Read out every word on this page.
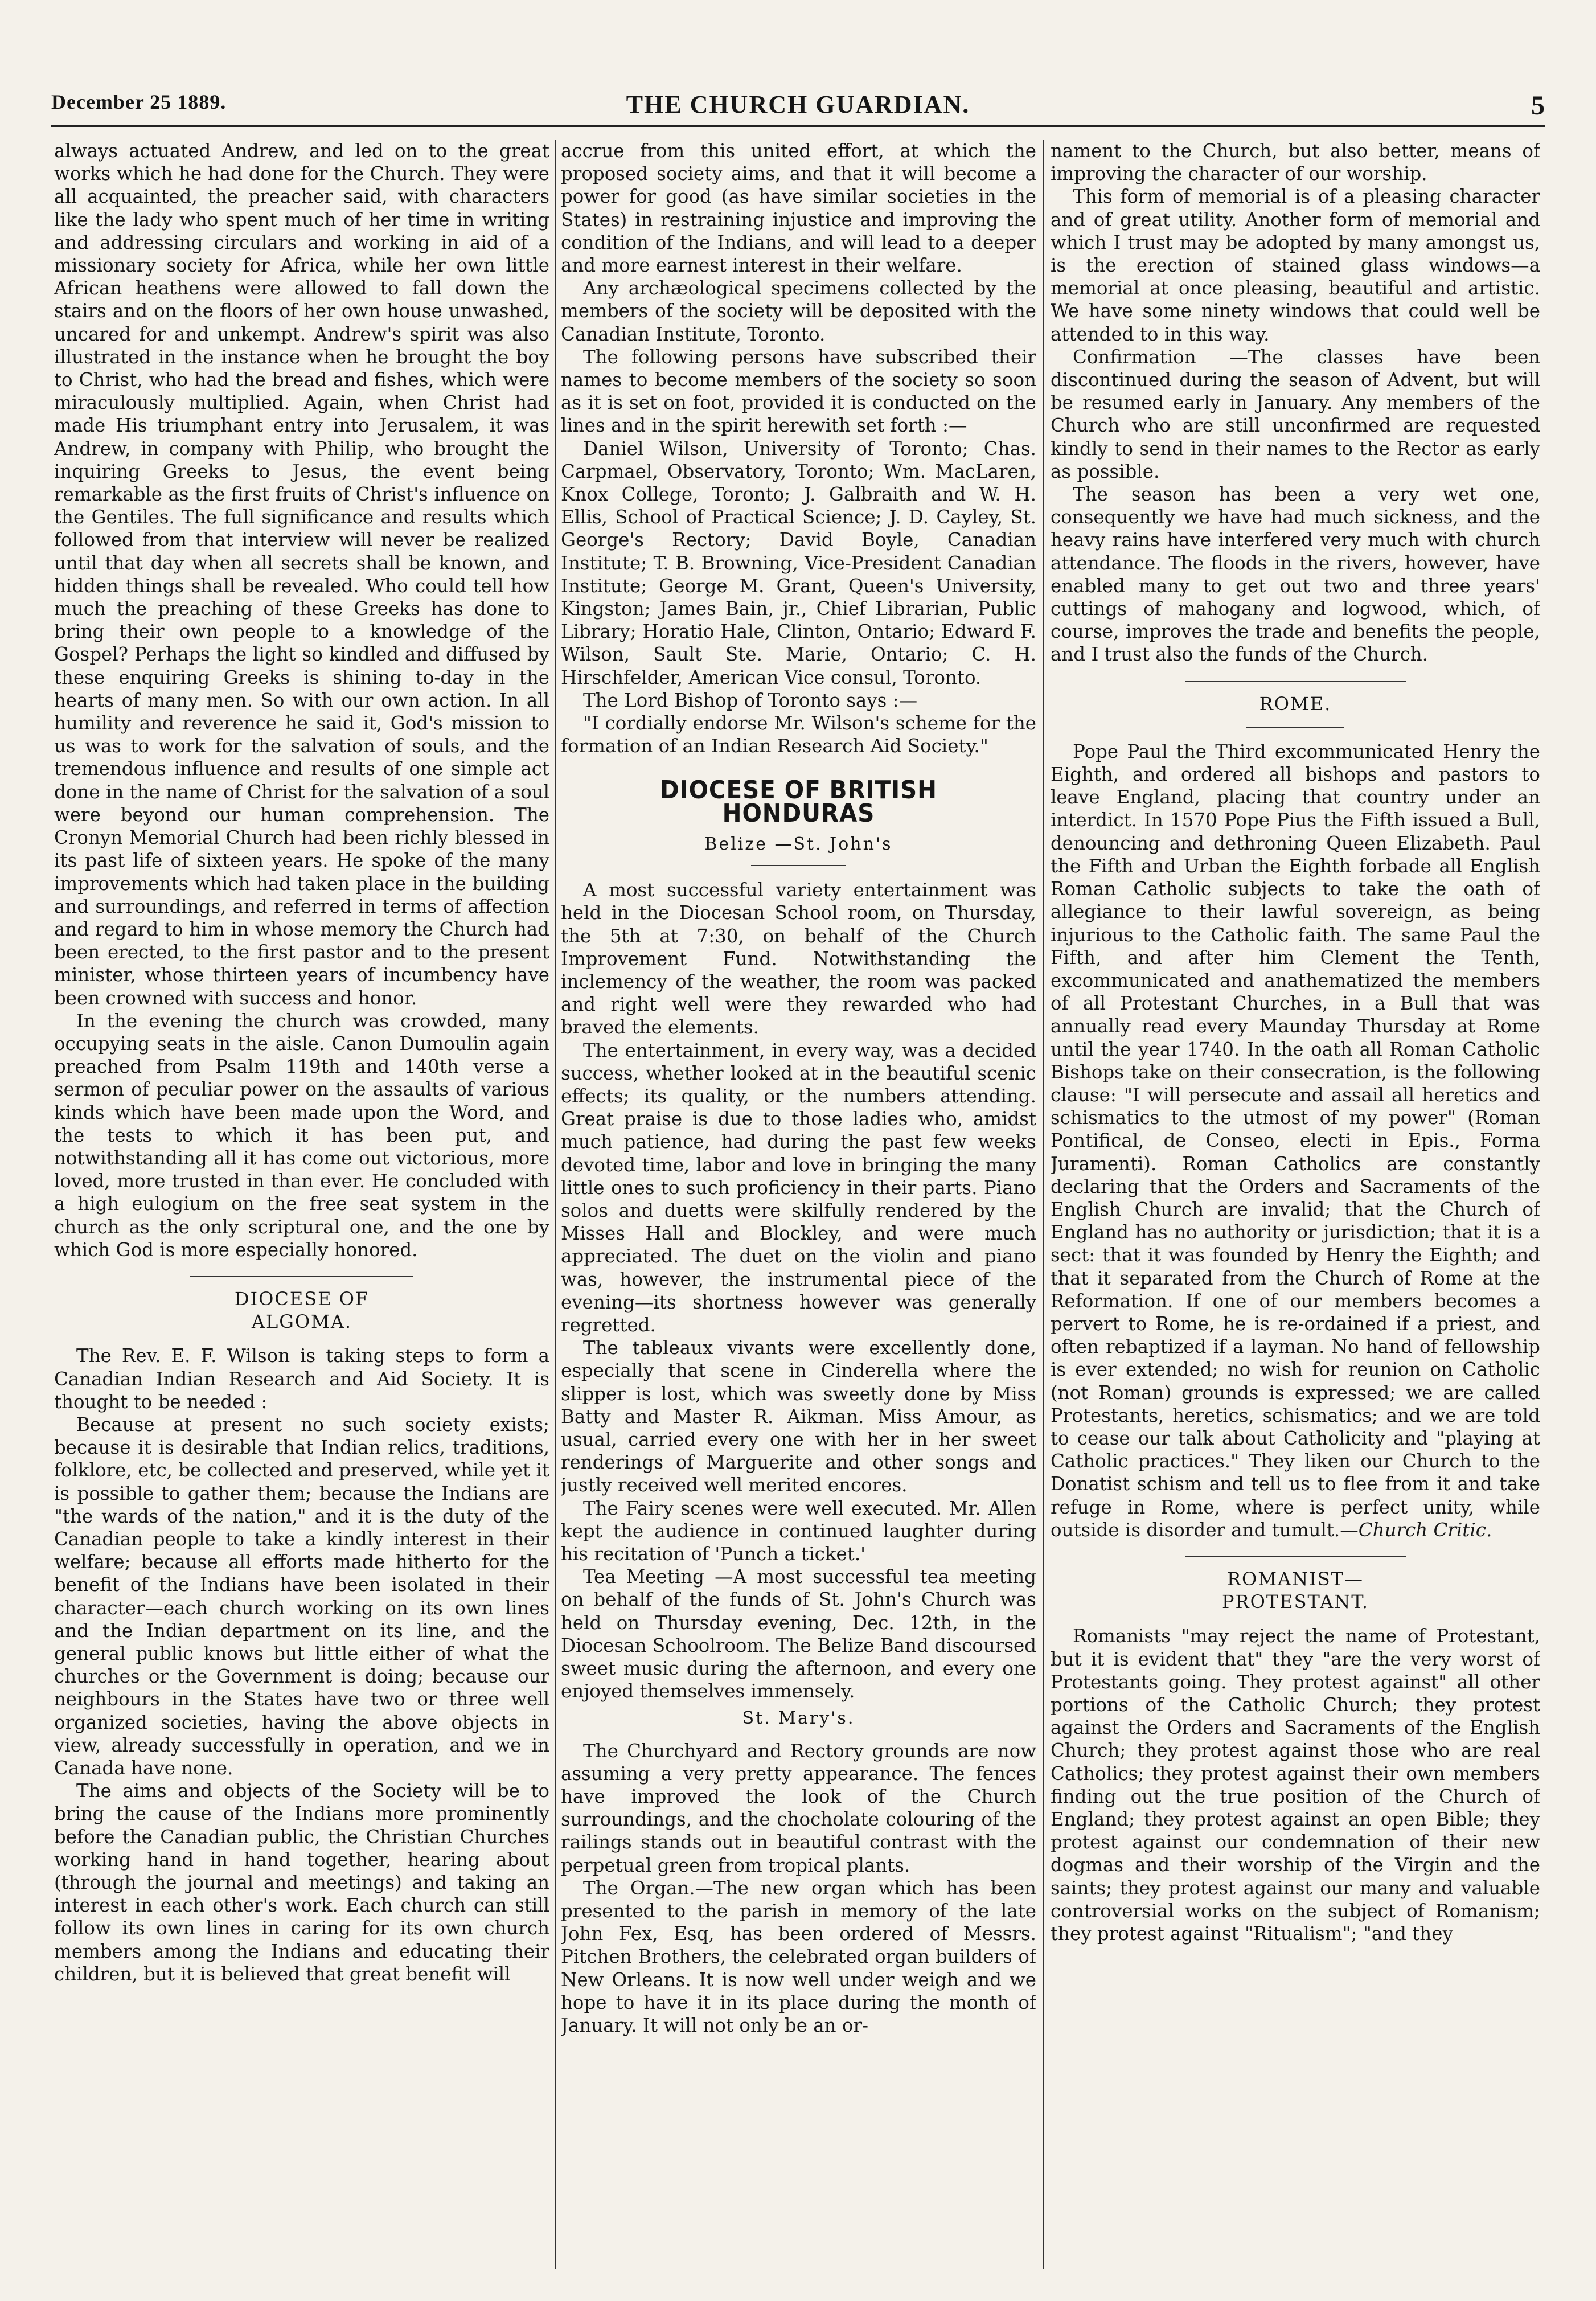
December 25 1889.	THE CHURCH GUARDIAN.	5

always actuated Andrew, and led on to the great works which he had done for the Church. They were all acquainted, the preacher said, with characters like the lady who spent much of her time in writing and addressing circulars and working in aid of a missionary society for Africa, while her own little African heathens were allowed to fall down the stairs and on the floors of her own house unwashed, uncared for and unkempt. Andrew's spirit was also illustrated in the instance when he brought the boy to Christ, who had the bread and fishes, which were miraculously multiplied. Again, when Christ had made His triumphant entry into Jerusalem, it was Andrew, in company with Philip, who brought the inquiring Greeks to Jesus, the event being remarkable as the first fruits of Christ's influence on the Gentiles. The full significance and results which followed from that interview will never be realized until that day when all secrets shall be known, and hidden things shall be revealed. Who could tell how much the preaching of these Greeks has done to bring their own people to a knowledge of the Gospel? Perhaps the light so kindled and diffused by these enquiring Greeks is shining to-day in the hearts of many men. So with our own action. In all humility and reverence he said it, God's mission to us was to work for the salvation of souls, and the tremendous influence and results of one simple act done in the name of Christ for the salvation of a soul were beyond our human comprehension. The Cronyn Memorial Church had been richly blessed in its past life of sixteen years. He spoke of the many improvements which had taken place in the building and surroundings, and referred in terms of affection and regard to him in whose memory the Church had been erected, to the first pastor and to the present minister, whose thirteen years of incumbency have been crowned with success and honor.

In the evening the church was crowded, many occupying seats in the aisle. Canon Dumoulin again preached from Psalm 119th and 140th verse a sermon of peculiar power on the assaults of various kinds which have been made upon the Word, and the tests to which it has been put, and notwithstanding all it has come out victorious, more loved, more trusted in than ever. He concluded with a high eulogium on the free seat system in the church as the only scriptural one, and the one by which God is more especially honored.

DIOCESE OF ALGOMA.

The Rev. E. F. Wilson is taking steps to form a Canadian Indian Research and Aid Society. It is thought to be needed :

Because at present no such society exists; because it is desirable that Indian relics, traditions, folklore, etc, be collected and preserved, while yet it is possible to gather them; because the Indians are "the wards of the nation," and it is the duty of the Canadian people to take a kindly interest in their welfare; because all efforts made hitherto for the benefit of the Indians have been isolated in their character—each church working on its own lines and the Indian department on its line, and the general public knows but little either of what the churches or the Government is doing; because our neighbours in the States have two or three well organized societies, having the above objects in view, already successfully in operation, and we in Canada have none.

The aims and objects of the Society will be to bring the cause of the Indians more prominently before the Canadian public, the Christian Churches working hand in hand together, hearing about (through the journal and meetings) and taking an interest in each other's work. Each church can still follow its own lines in caring for its own church members among the Indians and educating their children, but it is believed that great benefit will

accrue from this united effort, at which the proposed society aims, and that it will become a power for good (as have similar societies in the States) in restraining injustice and improving the condition of the Indians, and will lead to a deeper and more earnest interest in their welfare.

Any archæological specimens collected by the members of the society will be deposited with the Canadian Institute, Toronto.

The following persons have subscribed their names to become members of the society so soon as it is set on foot, provided it is conducted on the lines and in the spirit herewith set forth :—

Daniel Wilson, University of Toronto; Chas. Carpmael, Observatory, Toronto; Wm. MacLaren, Knox College, Toronto; J. Galbraith and W. H. Ellis, School of Practical Science; J. D. Cayley, St. George's Rectory; David Boyle, Canadian Institute; T. B. Browning, Vice-President Canadian Institute; George M. Grant, Queen's University, Kingston; James Bain, jr., Chief Librarian, Public Library; Horatio Hale, Clinton, Ontario; Edward F. Wilson, Sault Ste. Marie, Ontario; C. H. Hirschfelder, American Vice consul, Toronto.

The Lord Bishop of Toronto says :—

"I cordially endorse Mr. Wilson's scheme for the formation of an Indian Research Aid Society."

DIOCESE OF BRITISH HONDURAS
Belize —St. John's

A most successful variety entertainment was held in the Diocesan School room, on Thursday, the 5th at 7:30, on behalf of the Church Improvement Fund. Notwithstanding the inclemency of the weather, the room was packed and right well were they rewarded who had braved the elements.

The entertainment, in every way, was a decided success, whether looked at in the beautiful scenic effects; its quality, or the numbers attending. Great praise is due to those ladies who, amidst much patience, had during the past few weeks devoted time, labor and love in bringing the many little ones to such proficiency in their parts. Piano solos and duetts were skilfully rendered by the Misses Hall and Blockley, and were much appreciated. The duet on the violin and piano was, however, the instrumental piece of the evening—its shortness however was generally regretted.

The tableaux vivants were excellently done, especially that scene in Cinderella where the slipper is lost, which was sweetly done by Miss Batty and Master R. Aikman. Miss Amour, as usual, carried every one with her in her sweet renderings of Marguerite and other songs and justly received well merited encores.

The Fairy scenes were well executed. Mr. Allen kept the audience in continued laughter during his recitation of 'Punch a ticket.'

Tea Meeting —A most successful tea meeting on behalf of the funds of St. John's Church was held on Thursday evening, Dec. 12th, in the Diocesan Schoolroom. The Belize Band discoursed sweet music during the afternoon, and every one enjoyed themselves immensely.

St. Mary's.

The Churchyard and Rectory grounds are now assuming a very pretty appearance. The fences have improved the look of the Church surroundings, and the chocholate colouring of the railings stands out in beautiful contrast with the perpetual green from tropical plants.

The Organ.—The new organ which has been presented to the parish in memory of the late John Fex, Esq, has been ordered of Messrs. Pitchen Brothers, the celebrated organ builders of New Orleans. It is now well under weigh and we hope to have it in its place during the month of January. It will not only be an or-

nament to the Church, but also better, means of improving the character of our worship.

This form of memorial is of a pleasing character and of great utility. Another form of memorial and which I trust may be adopted by many amongst us, is the erection of stained glass windows—a memorial at once pleasing, beautiful and artistic. We have some ninety windows that could well be attended to in this way.

Confirmation —The classes have been discontinued during the season of Advent, but will be resumed early in January. Any members of the Church who are still unconfirmed are requested kindly to send in their names to the Rector as early as possible.

The season has been a very wet one, consequently we have had much sickness, and the heavy rains have interfered very much with church attendance. The floods in the rivers, however, have enabled many to get out two and three years' cuttings of mahogany and logwood, which, of course, improves the trade and benefits the people, and I trust also the funds of the Church.

ROME.

Pope Paul the Third excommunicated Henry the Eighth, and ordered all bishops and pastors to leave England, placing that country under an interdict. In 1570 Pope Pius the Fifth issued a Bull, denouncing and dethroning Queen Elizabeth. Paul the Fifth and Urban the Eighth forbade all English Roman Catholic subjects to take the oath of allegiance to their lawful sovereign, as being injurious to the Catholic faith. The same Paul the Fifth, and after him Clement the Tenth, excommunicated and anathematized the members of all Protestant Churches, in a Bull that was annually read every Maunday Thursday at Rome until the year 1740. In the oath all Roman Catholic Bishops take on their consecration, is the following clause: "I will persecute and assail all heretics and schismatics to the utmost of my power" (Roman Pontifical, de Conseo, electi in Epis., Forma Juramenti). Roman Catholics are constantly declaring that the Orders and Sacraments of the English Church are invalid; that the Church of England has no authority or jurisdiction; that it is a sect: that it was founded by Henry the Eighth; and that it separated from the Church of Rome at the Reformation. If one of our members becomes a pervert to Rome, he is re-ordained if a priest, and often rebaptized if a layman. No hand of fellowship is ever extended; no wish for reunion on Catholic (not Roman) grounds is expressed; we are called Protestants, heretics, schismatics; and we are told to cease our talk about Catholicity and "playing at Catholic practices." They liken our Church to the Donatist schism and tell us to flee from it and take refuge in Rome, where is perfect unity, while outside is disorder and tumult.—Church Critic.

ROMANIST—PROTESTANT.

Romanists "may reject the name of Protestant, but it is evident that" they "are the very worst of Protestants going. They protest against" all other portions of the Catholic Church; they protest against the Orders and Sacraments of the English Church; they protest against those who are real Catholics; they protest against their own members finding out the true position of the Church of England; they protest against an open Bible; they protest against our condemnation of their new dogmas and their worship of the Virgin and the saints; they protest against our many and valuable controversial works on the subject of Romanism; they protest against "Ritualism"; "and they
